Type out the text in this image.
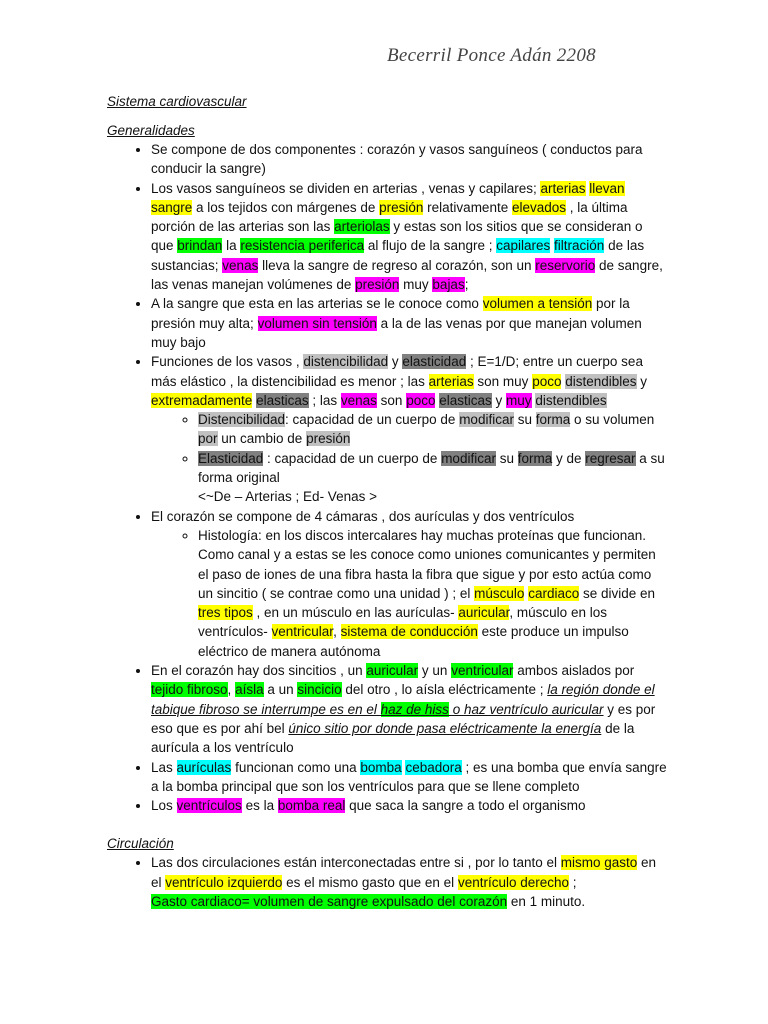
Becerril Ponce Adán 2208
Sistema cardiovascular
Generalidades
• Se compone de dos componentes : corazón y vasos sanguíneos ( conductos para conducir la sangre)
• Los vasos sanguíneos se dividen en arterias , venas y capilares; arterias llevan sangre a los tejidos con márgenes de presión relativamente elevados , la última porción de las arterias son las arteriolas y estas son los sitios que se consideran o que brindan la resistencia periferica al flujo de la sangre ; capilares filtración de las sustancias; venas lleva la sangre de regreso al corazón, son un reservorio de sangre, las venas manejan volúmenes de presión muy bajas;
• A la sangre que esta en las arterias se le conoce como volumen a tensión por la presión muy alta; volumen sin tensión a la de las venas por que manejan volumen muy bajo
• Funciones de los vasos , distencibilidad y elasticidad ; E=1/D; entre un cuerpo sea más elástico , la distencibilidad es menor ; las arterias son muy poco distendibles y extremadamente elasticas ; las venas son poco elasticas y muy distendibles
◦ Distencibilidad: capacidad de un cuerpo de modificar su forma o su volumen por un cambio de presión
◦ Elasticidad : capacidad de un cuerpo de modificar su forma y de regresar a su forma original
<~De – Arterias ; Ed- Venas >
• El corazón se compone de 4 cámaras , dos aurículas y dos ventrículos
◦ Histología: en los discos intercalares hay muchas proteínas que funcionan. Como canal y a estas se les conoce como uniones comunicantes y permiten el paso de iones de una fibra hasta la fibra que sigue y por esto actúa como un sincitio ( se contrae como una unidad ) ; el músculo cardiaco se divide en tres tipos , en un músculo en las aurículas- auricular, músculo en los ventrículos- ventricular, sistema de conducción este produce un impulso eléctrico de manera autónoma
• En el corazón hay dos sincitios , un auricular y un ventricular ambos aislados por tejido fibroso, aísla a un sincicio del otro , lo aísla eléctricamente ; la región donde el tabique fibroso se interrumpe es en el haz de hiss o haz ventrículo auricular y es por eso que es por ahí bel único sitio por donde pasa eléctricamente la energía de la aurícula a los ventrículo
• Las aurículas funcionan como una bomba cebadora ; es una bomba que envía sangre a la bomba principal que son los ventrículos para que se llene completo
• Los ventrículos es la bomba real que saca la sangre a todo el organismo
Circulación
• Las dos circulaciones están interconectadas entre si , por lo tanto el mismo gasto en el ventrículo izquierdo es el mismo gasto que en el ventrículo derecho ;
Gasto cardiaco= volumen de sangre expulsado del corazón en 1 minuto.
